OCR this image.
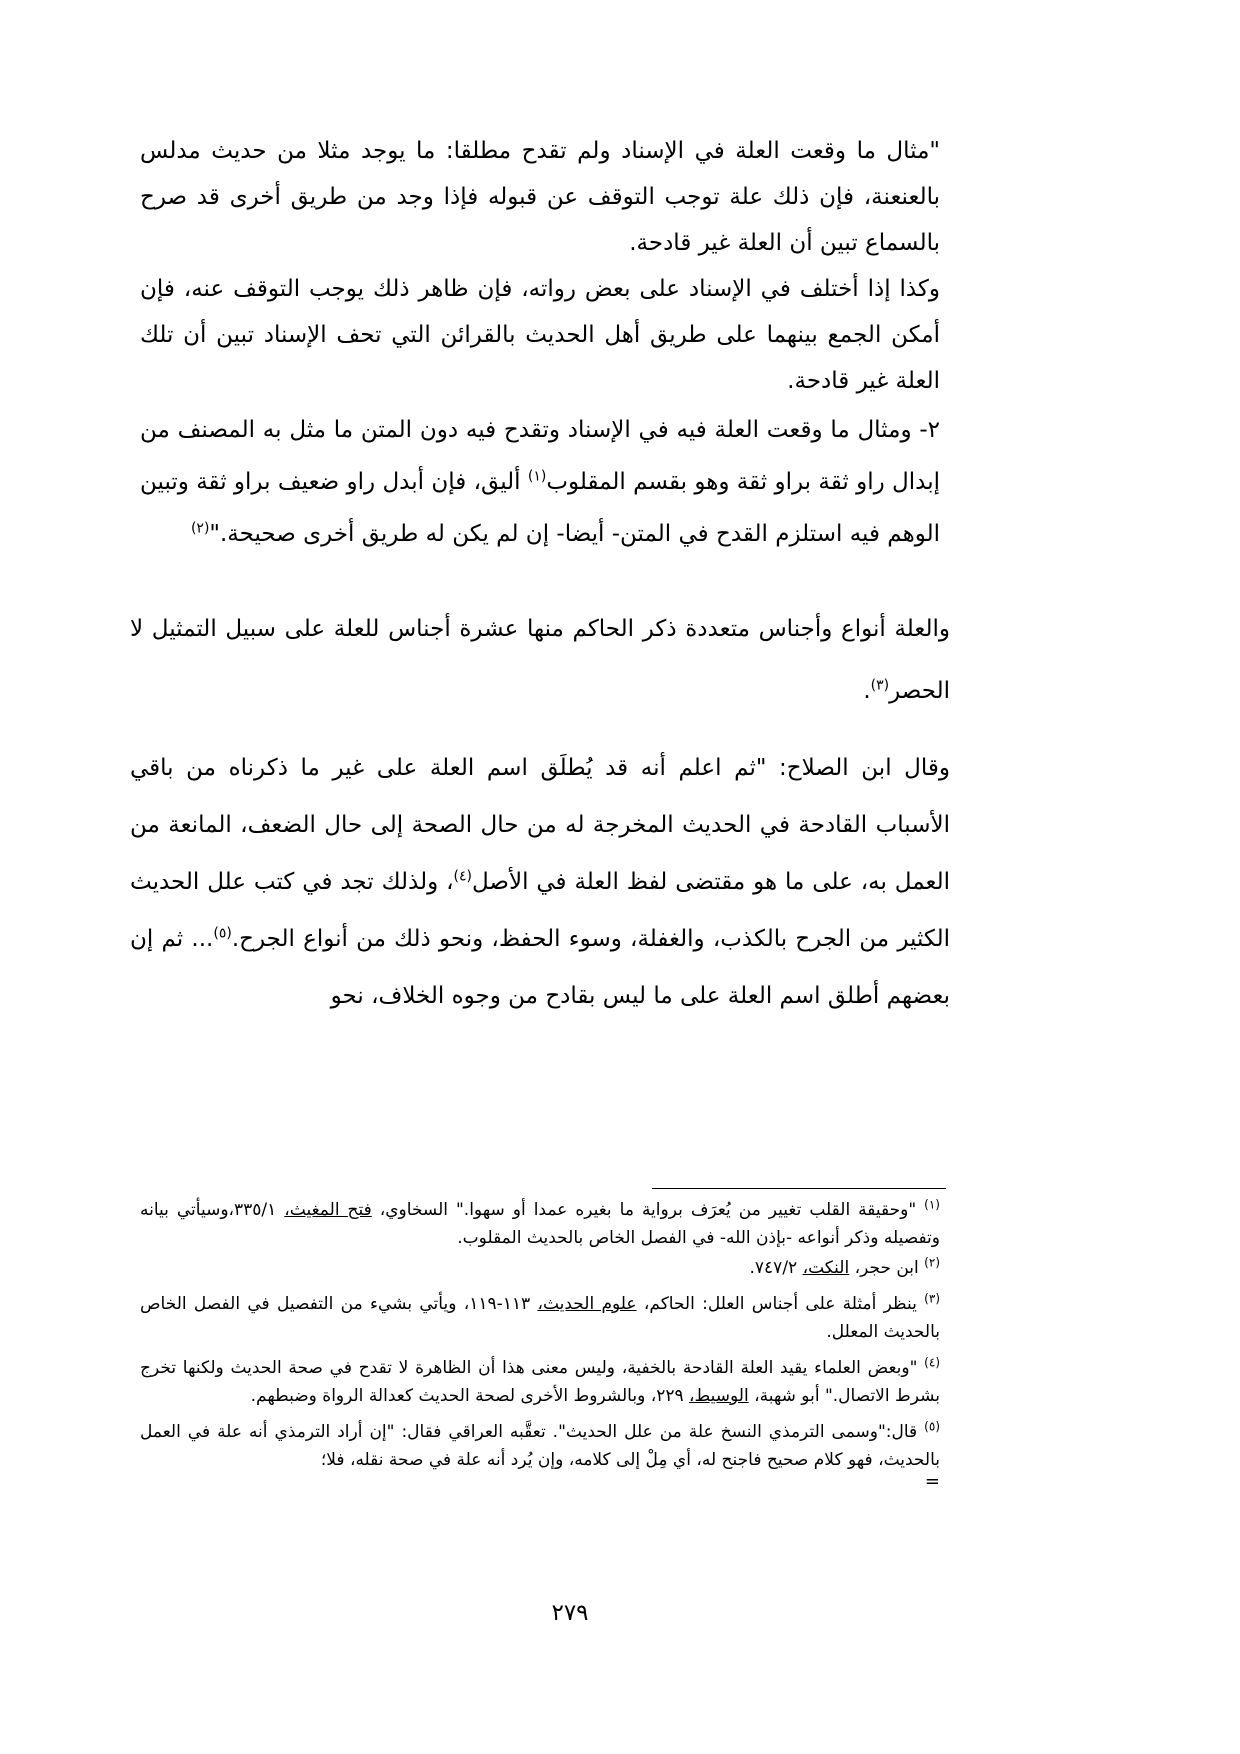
"مثال ما وقعت العلة في الإسناد ولم تقدح مطلقا: ما يوجد مثلا من حديث مدلس بالعنعنة، فإن ذلك علة توجب التوقف عن قبوله فإذا وجد من طريق أخرى قد صرح بالسماع تبين أن العلة غير قادحة.

وكذا إذا أختلف في الإسناد على بعض رواته، فإن ظاهر ذلك يوجب التوقف عنه، فإن أمكن الجمع بينهما على طريق أهل الحديث بالقرائن التي تحف الإسناد تبين أن تلك العلة غير قادحة.

٢- ومثال ما وقعت العلة فيه في الإسناد وتقدح فيه دون المتن ما مثل به المصنف من إبدال راو ثقة براو ثقة وهو بقسم المقلوب$^{(١)}$ أليق، فإن أبدل راو ضعيف براو ثقة وتبين الوهم فيه استلزم القدح في المتن- أيضا- إن لم يكن له طريق أخرى صحيحة."$^{(٢)}$

والعلة أنواع وأجناس متعددة ذكر الحاكم منها عشرة أجناس للعلة على سبيل التمثيل لا الحصر$^{(٣)}$.

وقال ابن الصلاح: "ثم اعلم أنه قد يُطلَق اسم العلة على غير ما ذكرناه من باقي الأسباب القادحة في الحديث المخرجة له من حال الصحة إلى حال الضعف، المانعة من العمل به، على ما هو مقتضى لفظ العلة في الأصل$^{(٤)}$، ولذلك تجد في كتب علل الحديث الكثير من الجرح بالكذب، والغفلة، وسوء الحفظ، ونحو ذلك من أنواع الجرح.$^{(٥)}$... ثم إن بعضهم أطلق اسم العلة على ما ليس بقادح من وجوه الخلاف، نحو

$^{(١)}$ "وحقيقة القلب تغيير من يُعرَف برواية ما بغيره عمدا أو سهوا." السخاوي، فتح المغيث، ٣٣٥/١،وسيأتي بيانه وتفصيله وذكر أنواعه -بإذن الله- في الفصل الخاص بالحديث المقلوب.

$^{(٢)}$ ابن حجر، النكت، ٧٤٧/٢.

$^{(٣)}$ ينظر أمثلة على أجناس العلل: الحاكم، علوم الحديث، ١١٣-١١٩، ويأتي بشيء من التفصيل في الفصل الخاص بالحديث المعلل.

$^{(٤)}$ "وبعض العلماء يقيد العلة القادحة بالخفية، وليس معنى هذا أن الظاهرة لا تقدح في صحة الحديث ولكنها تخرج بشرط الاتصال." أبو شهبة، الوسيط، ٢٢٩، وبالشروط الأخرى لصحة الحديث كعدالة الرواة وضبطهم.

$^{(٥)}$ قال:"وسمى الترمذي النسخ علة من علل الحديث". تعقَّبه العراقي فقال: "إن أراد الترمذي أنه علة في العمل بالحديث، فهو كلام صحيح فاجنح له، أي مِلْ إلى كلامه، وإن يُرد أنه علة في صحة نقله، فلا؛

=

٢٧٩
